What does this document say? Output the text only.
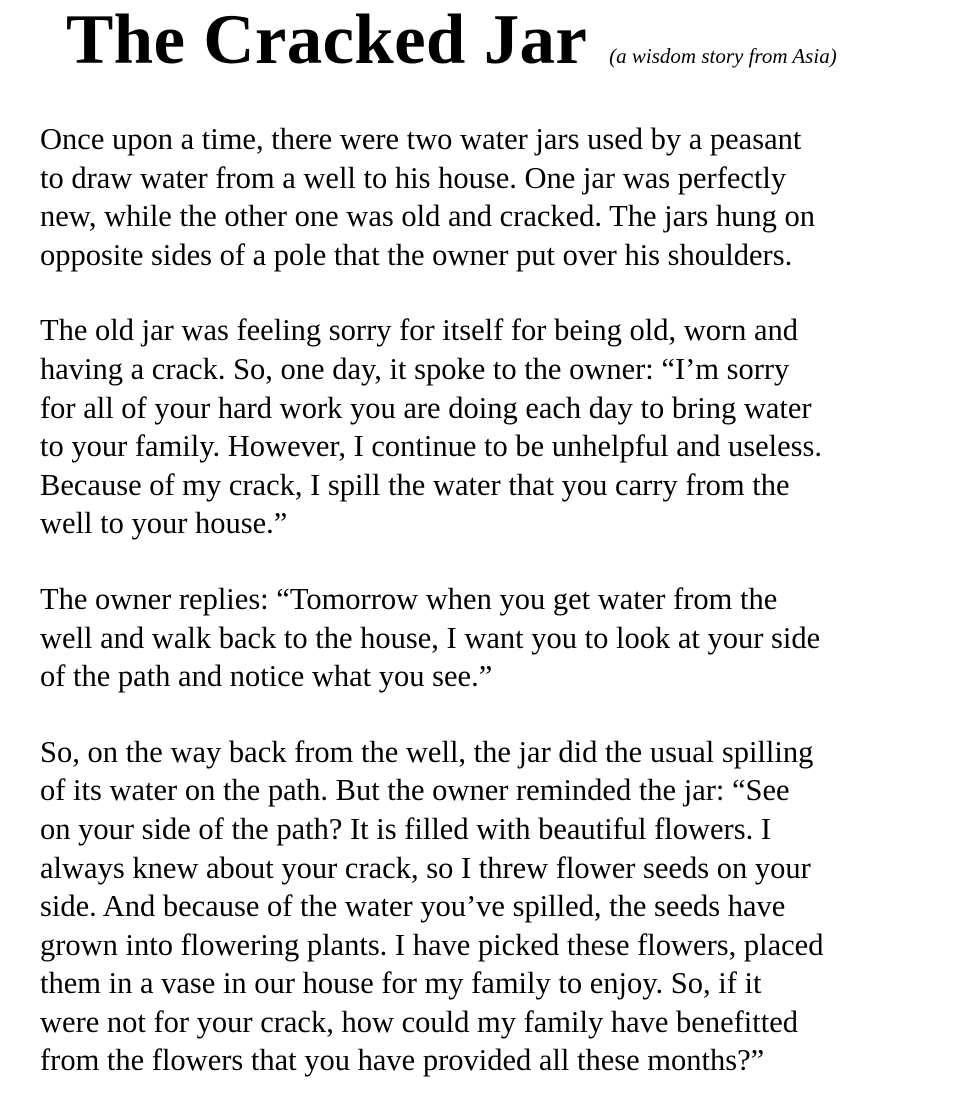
The Cracked Jar (a wisdom story from Asia)

Once upon a time, there were two water jars used by a peasant
to draw water from a well to his house. One jar was perfectly
new, while the other one was old and cracked. The jars hung on
opposite sides of a pole that the owner put over his shoulders.

The old jar was feeling sorry for itself for being old, worn and
having a crack. So, one day, it spoke to the owner: “I’m sorry
for all of your hard work you are doing each day to bring water
to your family. However, I continue to be unhelpful and useless.
Because of my crack, I spill the water that you carry from the
well to your house.”

The owner replies: “Tomorrow when you get water from the
well and walk back to the house, I want you to look at your side
of the path and notice what you see.”

So, on the way back from the well, the jar did the usual spilling
of its water on the path. But the owner reminded the jar: “See
on your side of the path? It is filled with beautiful flowers. I
always knew about your crack, so I threw flower seeds on your
side. And because of the water you’ve spilled, the seeds have
grown into flowering plants. I have picked these flowers, placed
them in a vase in our house for my family to enjoy. So, if it
were not for your crack, how could my family have benefitted
from the flowers that you have provided all these months?”
